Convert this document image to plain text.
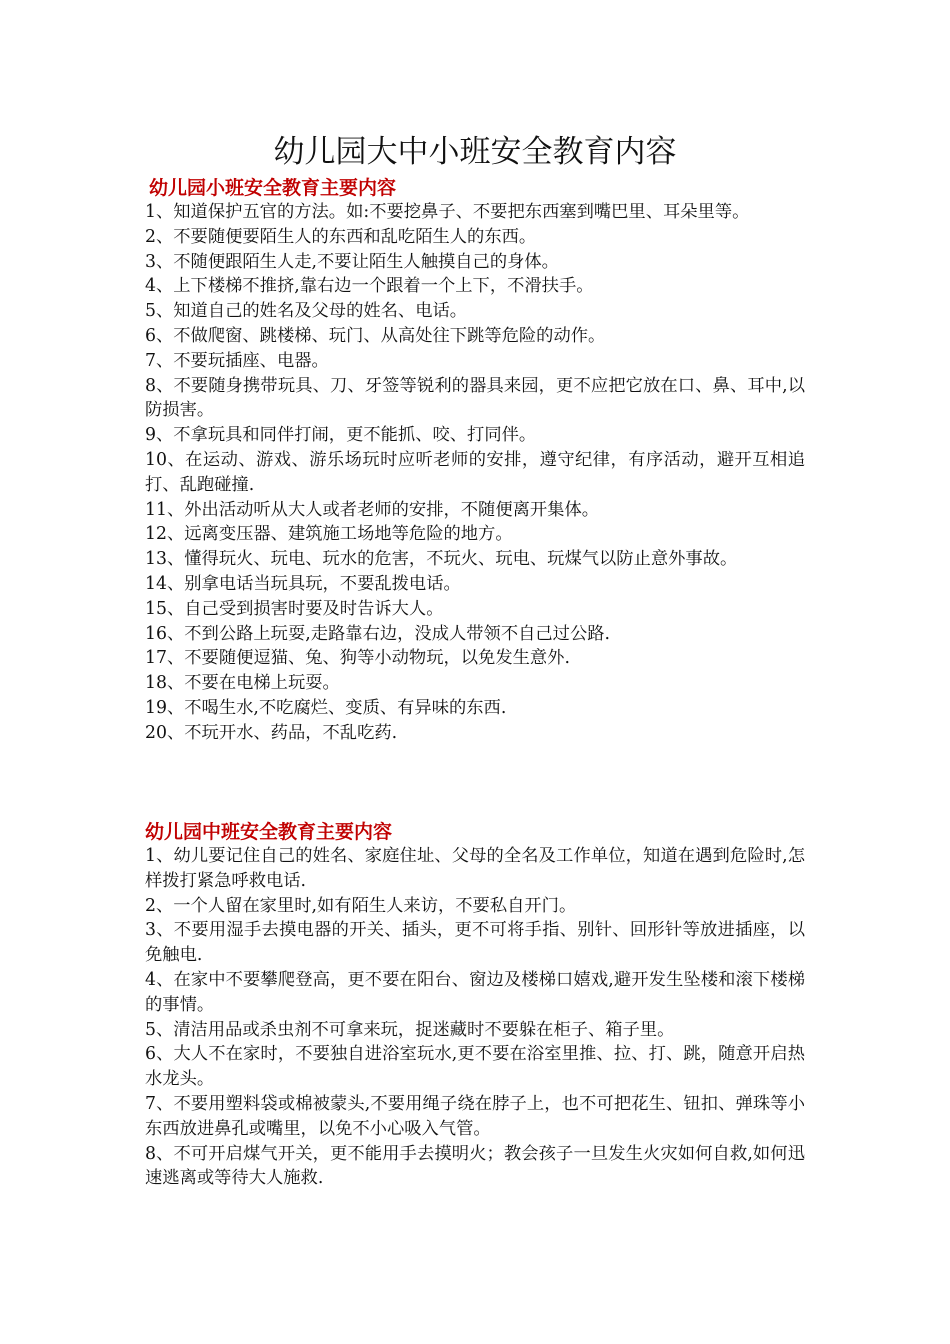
幼儿园大中小班安全教育内容
幼儿园小班安全教育主要内容
1、知道保护五官的方法。如:不要挖鼻子、不要把东西塞到嘴巴里、耳朵里等。
2、不要随便要陌生人的东西和乱吃陌生人的东西。
3、不随便跟陌生人走,不要让陌生人触摸自己的身体。
4、上下楼梯不推挤,靠右边一个跟着一个上下，不滑扶手。
5、知道自己的姓名及父母的姓名、电话。
6、不做爬窗、跳楼梯、玩门、从高处往下跳等危险的动作。
7、不要玩插座、电器。
8、不要随身携带玩具、刀、牙签等锐利的器具来园，更不应把它放在口、鼻、耳中,以防损害。
9、不拿玩具和同伴打闹，更不能抓、咬、打同伴。
10、在运动、游戏、游乐场玩时应听老师的安排，遵守纪律，有序活动，避开互相追打、乱跑碰撞.
11、外出活动听从大人或者老师的安排，不随便离开集体。
12、远离变压器、建筑施工场地等危险的地方。
13、懂得玩火、玩电、玩水的危害，不玩火、玩电、玩煤气以防止意外事故。
14、别拿电话当玩具玩，不要乱拨电话。
15、自己受到损害时要及时告诉大人。
16、不到公路上玩耍,走路靠右边，没成人带领不自己过公路.
17、不要随便逗猫、兔、狗等小动物玩，以免发生意外.
18、不要在电梯上玩耍。
19、不喝生水,不吃腐烂、变质、有异味的东西.
20、不玩开水、药品，不乱吃药.
幼儿园中班安全教育主要内容
1、幼儿要记住自己的姓名、家庭住址、父母的全名及工作单位，知道在遇到危险时,怎样拨打紧急呼救电话.
2、一个人留在家里时,如有陌生人来访，不要私自开门。
3、不要用湿手去摸电器的开关、插头，更不可将手指、别针、回形针等放进插座，以免触电.
4、在家中不要攀爬登高，更不要在阳台、窗边及楼梯口嬉戏,避开发生坠楼和滚下楼梯的事情。
5、清洁用品或杀虫剂不可拿来玩，捉迷藏时不要躲在柜子、箱子里。
6、大人不在家时，不要独自进浴室玩水,更不要在浴室里推、拉、打、跳，随意开启热水龙头。
7、不要用塑料袋或棉被蒙头,不要用绳子绕在脖子上，也不可把花生、钮扣、弹珠等小东西放进鼻孔或嘴里，以免不小心吸入气管。
8、不可开启煤气开关，更不能用手去摸明火；教会孩子一旦发生火灾如何自救,如何迅速逃离或等待大人施救.
